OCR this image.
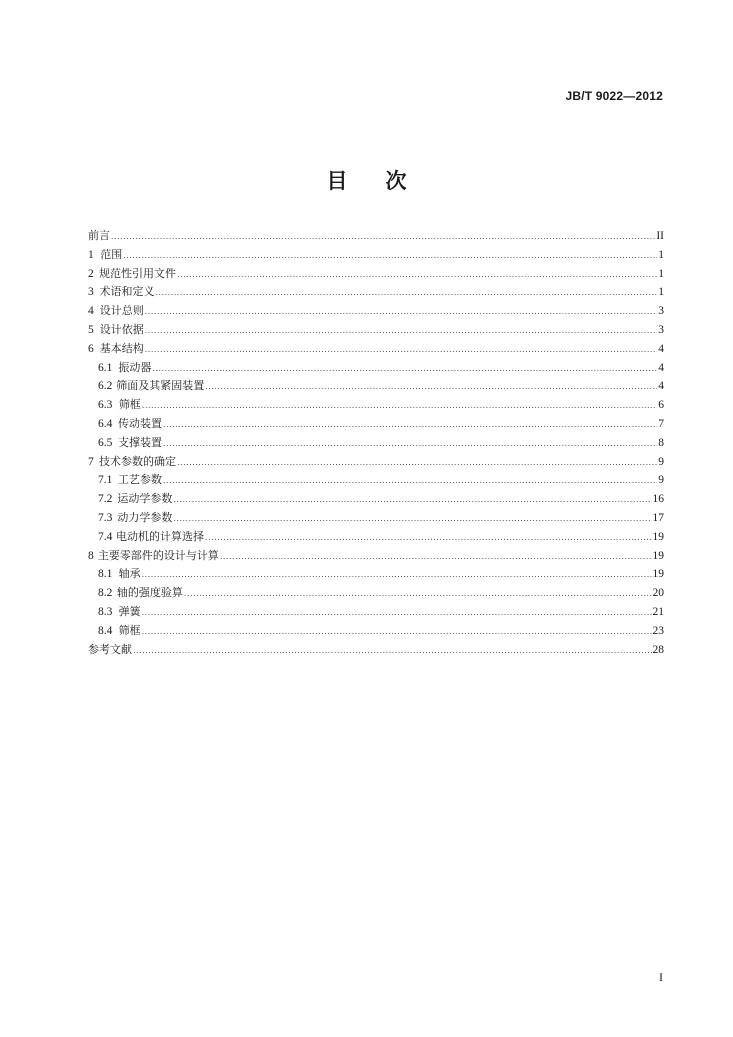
JB/T 9022—2012
目 次
前言 .....	II
1 范围 .....	1
2 规范性引用文件 .....	1
3 术语和定义 .....	1
4 设计总则 .....	3
5 设计依据 .....	3
6 基本结构 .....	4
6.1 振动器 .....	4
6.2 筛面及其紧固装置 .....	4
6.3 筛框 .....	6
6.4 传动装置 .....	7
6.5 支撑装置 .....	8
7 技术参数的确定 .....	9
7.1 工艺参数 .....	9
7.2 运动学参数 .....	16
7.3 动力学参数 .....	17
7.4 电动机的计算选择 .....	19
8 主要零部件的设计与计算 .....	19
8.1 轴承 .....	19
8.2 轴的强度验算 .....	20
8.3 弹簧 .....	21
8.4 筛框 .....	23
参考文献 .....	28
I
